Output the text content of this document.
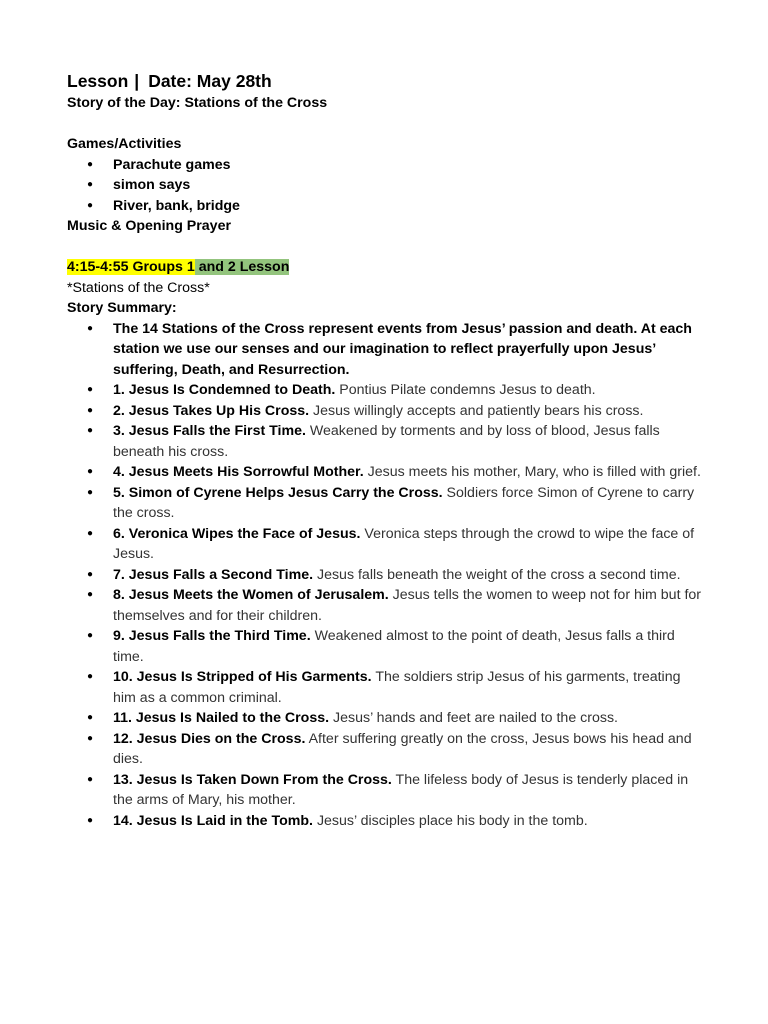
Lesson | Date: May 28th

Story of the Day: Stations of the Cross

Games/Activities

● Parachute games
● simon says
● River, bank, bridge

Music & Opening Prayer

4:15-4:55 Groups 1 and 2 Lesson

*Stations of the Cross*

Story Summary:

● The 14 Stations of the Cross represent events from Jesus’ passion and death. At each station we use our senses and our imagination to reflect prayerfully upon Jesus’ suffering, Death, and Resurrection.
● 1. Jesus Is Condemned to Death. Pontius Pilate condemns Jesus to death.
● 2. Jesus Takes Up His Cross. Jesus willingly accepts and patiently bears his cross.
● 3. Jesus Falls the First Time. Weakened by torments and by loss of blood, Jesus falls beneath his cross.
● 4. Jesus Meets His Sorrowful Mother. Jesus meets his mother, Mary, who is filled with grief.
● 5. Simon of Cyrene Helps Jesus Carry the Cross. Soldiers force Simon of Cyrene to carry the cross.
● 6. Veronica Wipes the Face of Jesus. Veronica steps through the crowd to wipe the face of Jesus.
● 7. Jesus Falls a Second Time. Jesus falls beneath the weight of the cross a second time.
● 8. Jesus Meets the Women of Jerusalem. Jesus tells the women to weep not for him but for themselves and for their children.
● 9. Jesus Falls the Third Time. Weakened almost to the point of death, Jesus falls a third time.
● 10. Jesus Is Stripped of His Garments. The soldiers strip Jesus of his garments, treating him as a common criminal.
● 11. Jesus Is Nailed to the Cross. Jesus’ hands and feet are nailed to the cross.
● 12. Jesus Dies on the Cross. After suffering greatly on the cross, Jesus bows his head and dies.
● 13. Jesus Is Taken Down From the Cross. The lifeless body of Jesus is tenderly placed in the arms of Mary, his mother.
● 14. Jesus Is Laid in the Tomb. Jesus’ disciples place his body in the tomb.
